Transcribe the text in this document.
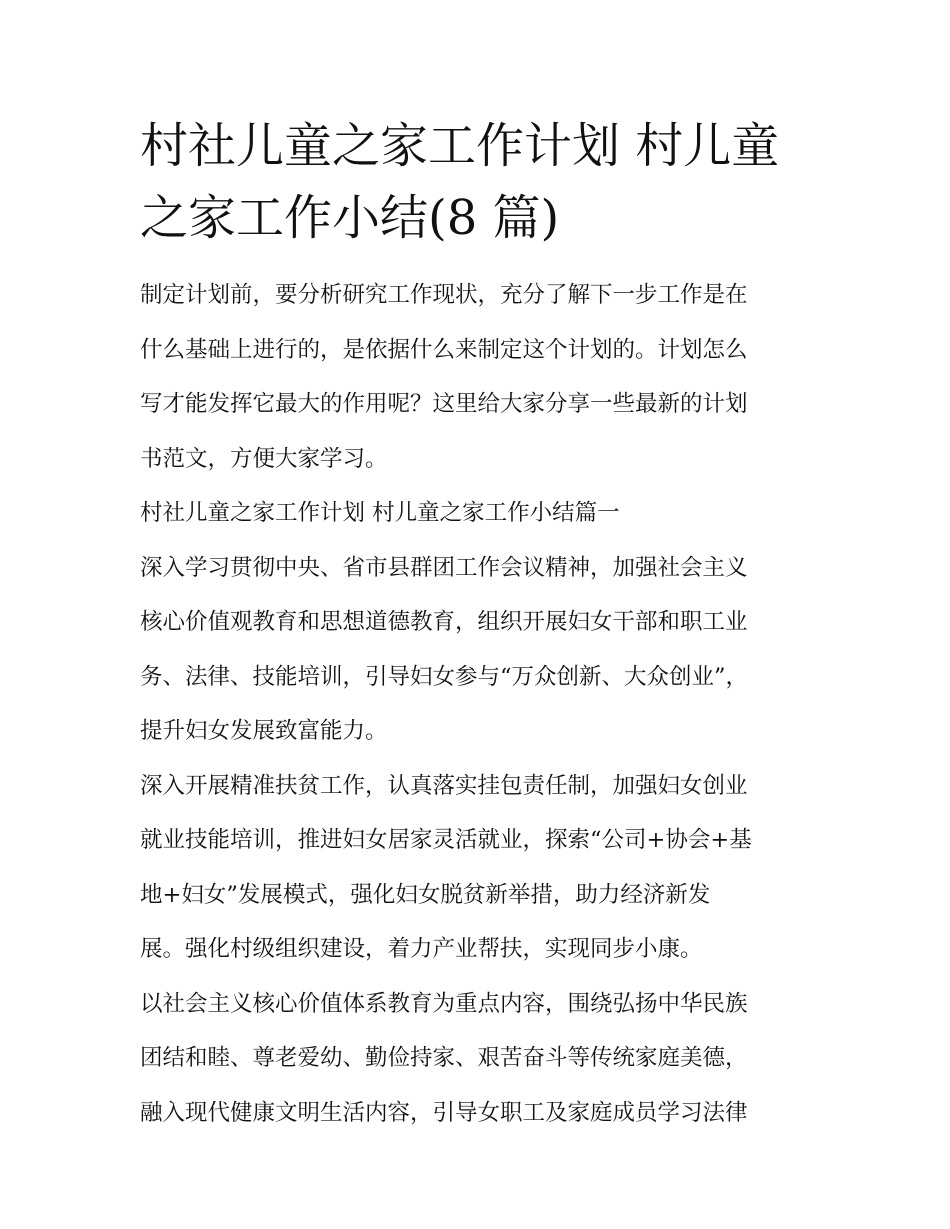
村社儿童之家工作计划 村儿童
之家工作小结(8 篇)

制定计划前，要分析研究工作现状，充分了解下一步工作是在
什么基础上进行的，是依据什么来制定这个计划的。计划怎么
写才能发挥它最大的作用呢？这里给大家分享一些最新的计划
书范文，方便大家学习。

村社儿童之家工作计划 村儿童之家工作小结篇一

深入学习贯彻中央、省市县群团工作会议精神，加强社会主义
核心价值观教育和思想道德教育，组织开展妇女干部和职工业
务、法律、技能培训，引导妇女参与“万众创新、大众创业”，
提升妇女发展致富能力。

深入开展精准扶贫工作，认真落实挂包责任制，加强妇女创业
就业技能培训，推进妇女居家灵活就业，探索“公司+协会+基
地+妇女”发展模式，强化妇女脱贫新举措，助力经济新发
展。强化村级组织建设，着力产业帮扶，实现同步小康。

以社会主义核心价值体系教育为重点内容，围绕弘扬中华民族
团结和睦、尊老爱幼、勤俭持家、艰苦奋斗等传统家庭美德，
融入现代健康文明生活内容，引导女职工及家庭成员学习法律
